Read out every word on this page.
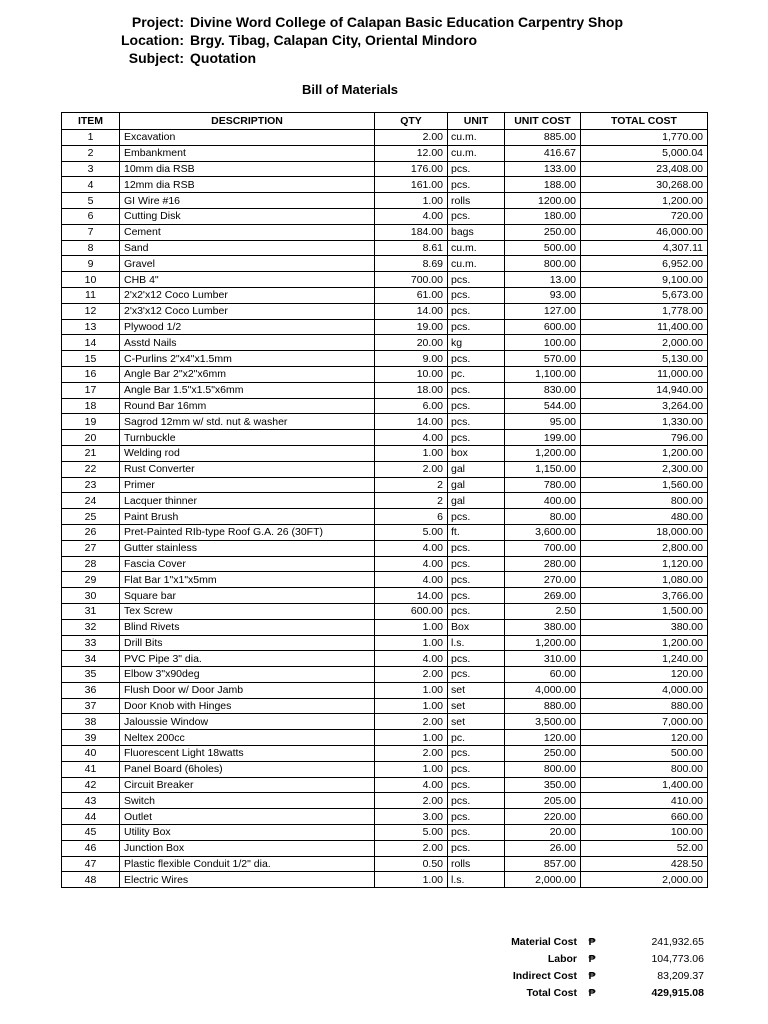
Project: Divine Word College of Calapan Basic Education Carpentry Shop
Location: Brgy. Tibag, Calapan City, Oriental Mindoro
Subject: Quotation
Bill of Materials
ITEM	DESCRIPTION	QTY	UNIT	UNIT COST	TOTAL COST
1	Excavation	2.00	cu.m.	885.00	1,770.00
2	Embankment	12.00	cu.m.	416.67	5,000.04
3	10mm dia RSB	176.00	pcs.	133.00	23,408.00
4	12mm dia RSB	161.00	pcs.	188.00	30,268.00
5	GI Wire #16	1.00	rolls	1200.00	1,200.00
6	Cutting Disk	4.00	pcs.	180.00	720.00
7	Cement	184.00	bags	250.00	46,000.00
8	Sand	8.61	cu.m.	500.00	4,307.11
9	Gravel	8.69	cu.m.	800.00	6,952.00
10	CHB 4"	700.00	pcs.	13.00	9,100.00
11	2'x2'x12 Coco Lumber	61.00	pcs.	93.00	5,673.00
12	2'x3'x12 Coco Lumber	14.00	pcs.	127.00	1,778.00
13	Plywood 1/2	19.00	pcs.	600.00	11,400.00
14	Asstd Nails	20.00	kg	100.00	2,000.00
15	C-Purlins 2"x4"x1.5mm	9.00	pcs.	570.00	5,130.00
16	Angle Bar 2"x2"x6mm	10.00	pc.	1,100.00	11,000.00
17	Angle Bar 1.5"x1.5"x6mm	18.00	pcs.	830.00	14,940.00
18	Round Bar 16mm	6.00	pcs.	544.00	3,264.00
19	Sagrod 12mm w/ std. nut & washer	14.00	pcs.	95.00	1,330.00
20	Turnbuckle	4.00	pcs.	199.00	796.00
21	Welding rod	1.00	box	1,200.00	1,200.00
22	Rust Converter	2.00	gal	1,150.00	2,300.00
23	Primer	2	gal	780.00	1,560.00
24	Lacquer thinner	2	gal	400.00	800.00
25	Paint Brush	6	pcs.	80.00	480.00
26	Pret-Painted RIb-type Roof G.A. 26 (30FT)	5.00	ft.	3,600.00	18,000.00
27	Gutter stainless	4.00	pcs.	700.00	2,800.00
28	Fascia Cover	4.00	pcs.	280.00	1,120.00
29	Flat Bar 1"x1"x5mm	4.00	pcs.	270.00	1,080.00
30	Square bar	14.00	pcs.	269.00	3,766.00
31	Tex Screw	600.00	pcs.	2.50	1,500.00
32	Blind Rivets	1.00	Box	380.00	380.00
33	Drill Bits	1.00	l.s.	1,200.00	1,200.00
34	PVC Pipe 3" dia.	4.00	pcs.	310.00	1,240.00
35	Elbow 3"x90deg	2.00	pcs.	60.00	120.00
36	Flush Door w/ Door Jamb	1.00	set	4,000.00	4,000.00
37	Door Knob with Hinges	1.00	set	880.00	880.00
38	Jaloussie Window	2.00	set	3,500.00	7,000.00
39	Neltex 200cc	1.00	pc.	120.00	120.00
40	Fluorescent Light 18watts	2.00	pcs.	250.00	500.00
41	Panel Board (6holes)	1.00	pcs.	800.00	800.00
42	Circuit Breaker	4.00	pcs.	350.00	1,400.00
43	Switch	2.00	pcs.	205.00	410.00
44	Outlet	3.00	pcs.	220.00	660.00
45	Utility Box	5.00	pcs.	20.00	100.00
46	Junction Box	2.00	pcs.	26.00	52.00
47	Plastic flexible Conduit 1/2" dia.	0.50	rolls	857.00	428.50
48	Electric Wires	1.00	l.s.	2,000.00	2,000.00
Material Cost	₱	241,932.65
Labor	₱	104,773.06
Indirect Cost	₱	83,209.37
Total Cost	₱	429,915.08
